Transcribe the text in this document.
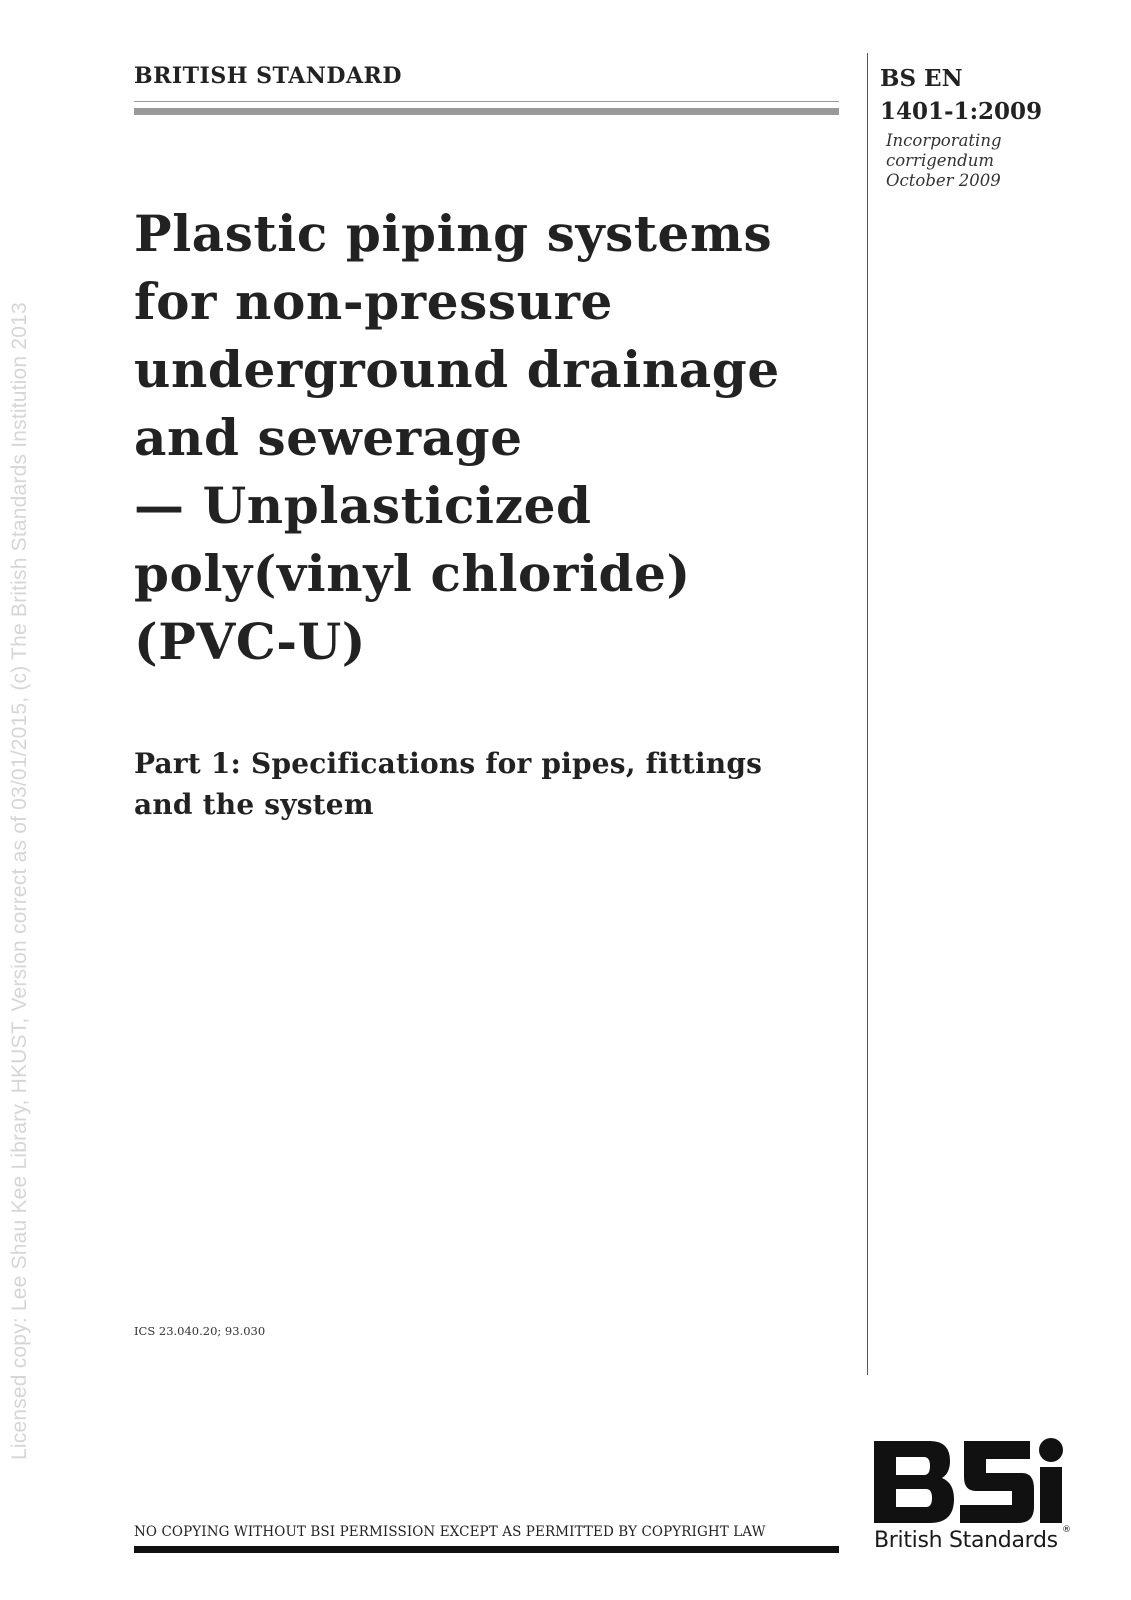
Licensed copy: Lee Shau Kee Library, HKUST, Version correct as of 03/01/2015, (c) The British Standards Institution 2013
BRITISH STANDARD	BS EN
1401-1:2009
Incorporating
corrigendum
October 2009
Plastic piping systems
for non-pressure
underground drainage
and sewerage
— Unplasticized
poly(vinyl chloride)
(PVC-U)
Part 1: Specifications for pipes, fittings
and the system
ICS 23.040.20; 93.030
NO COPYING WITHOUT BSI PERMISSION EXCEPT AS PERMITTED BY COPYRIGHT LAW	®
British Standards
